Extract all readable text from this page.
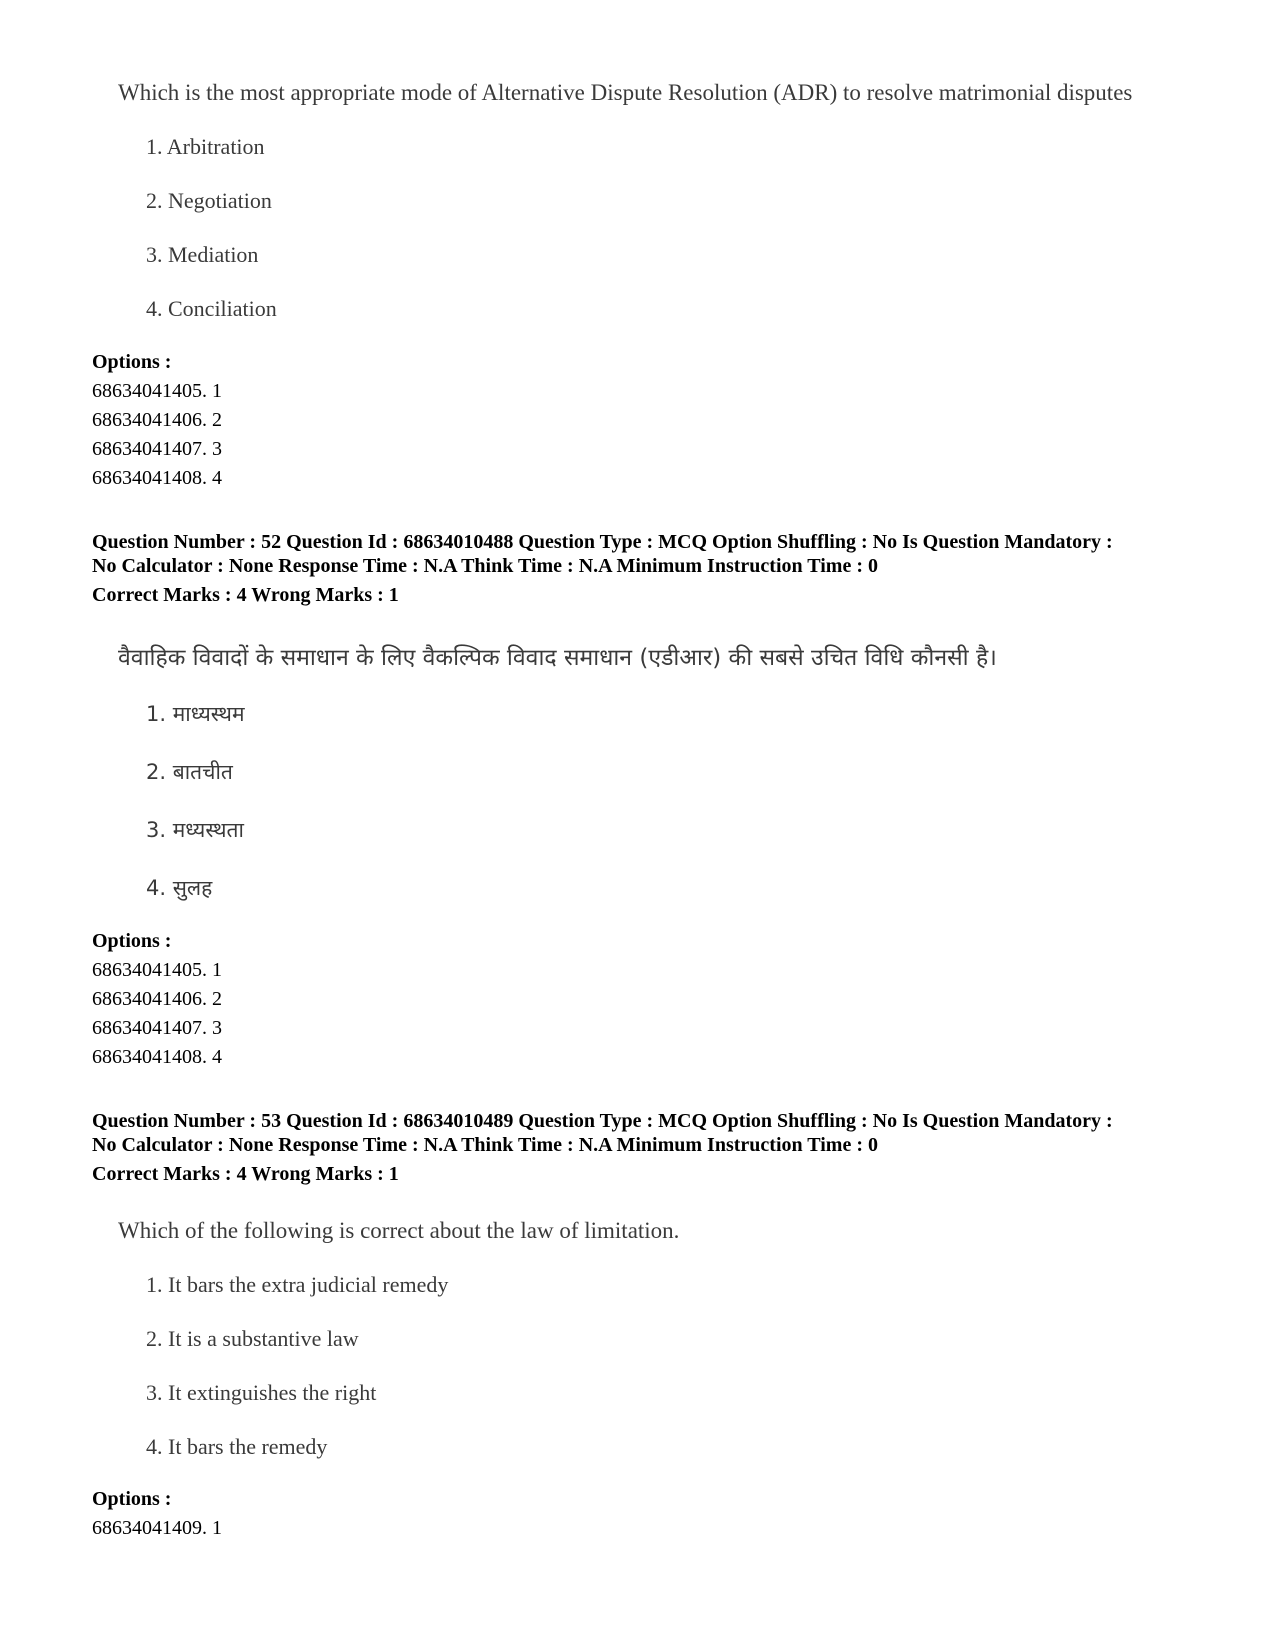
Which is the most appropriate mode of Alternative Dispute Resolution (ADR) to resolve matrimonial disputes
1. Arbitration
2. Negotiation
3. Mediation
4. Conciliation
Options :
68634041405. 1
68634041406. 2
68634041407. 3
68634041408. 4
Question Number : 52 Question Id : 68634010488 Question Type : MCQ Option Shuffling : No Is Question Mandatory :
No Calculator : None Response Time : N.A Think Time : N.A Minimum Instruction Time : 0
Correct Marks : 4 Wrong Marks : 1
वैवाहिक विवादों के समाधान के लिए वैकल्पिक विवाद समाधान (एडीआर) की सबसे उचित विधि कौनसी है।
1. माध्यस्थम
2. बातचीत
3. मध्यस्थता
4. सुलह
Options :
68634041405. 1
68634041406. 2
68634041407. 3
68634041408. 4
Question Number : 53 Question Id : 68634010489 Question Type : MCQ Option Shuffling : No Is Question Mandatory :
No Calculator : None Response Time : N.A Think Time : N.A Minimum Instruction Time : 0
Correct Marks : 4 Wrong Marks : 1
Which of the following is correct about the law of limitation.
1. It bars the extra judicial remedy
2. It is a substantive law
3. It extinguishes the right
4. It bars the remedy
Options :
68634041409. 1
